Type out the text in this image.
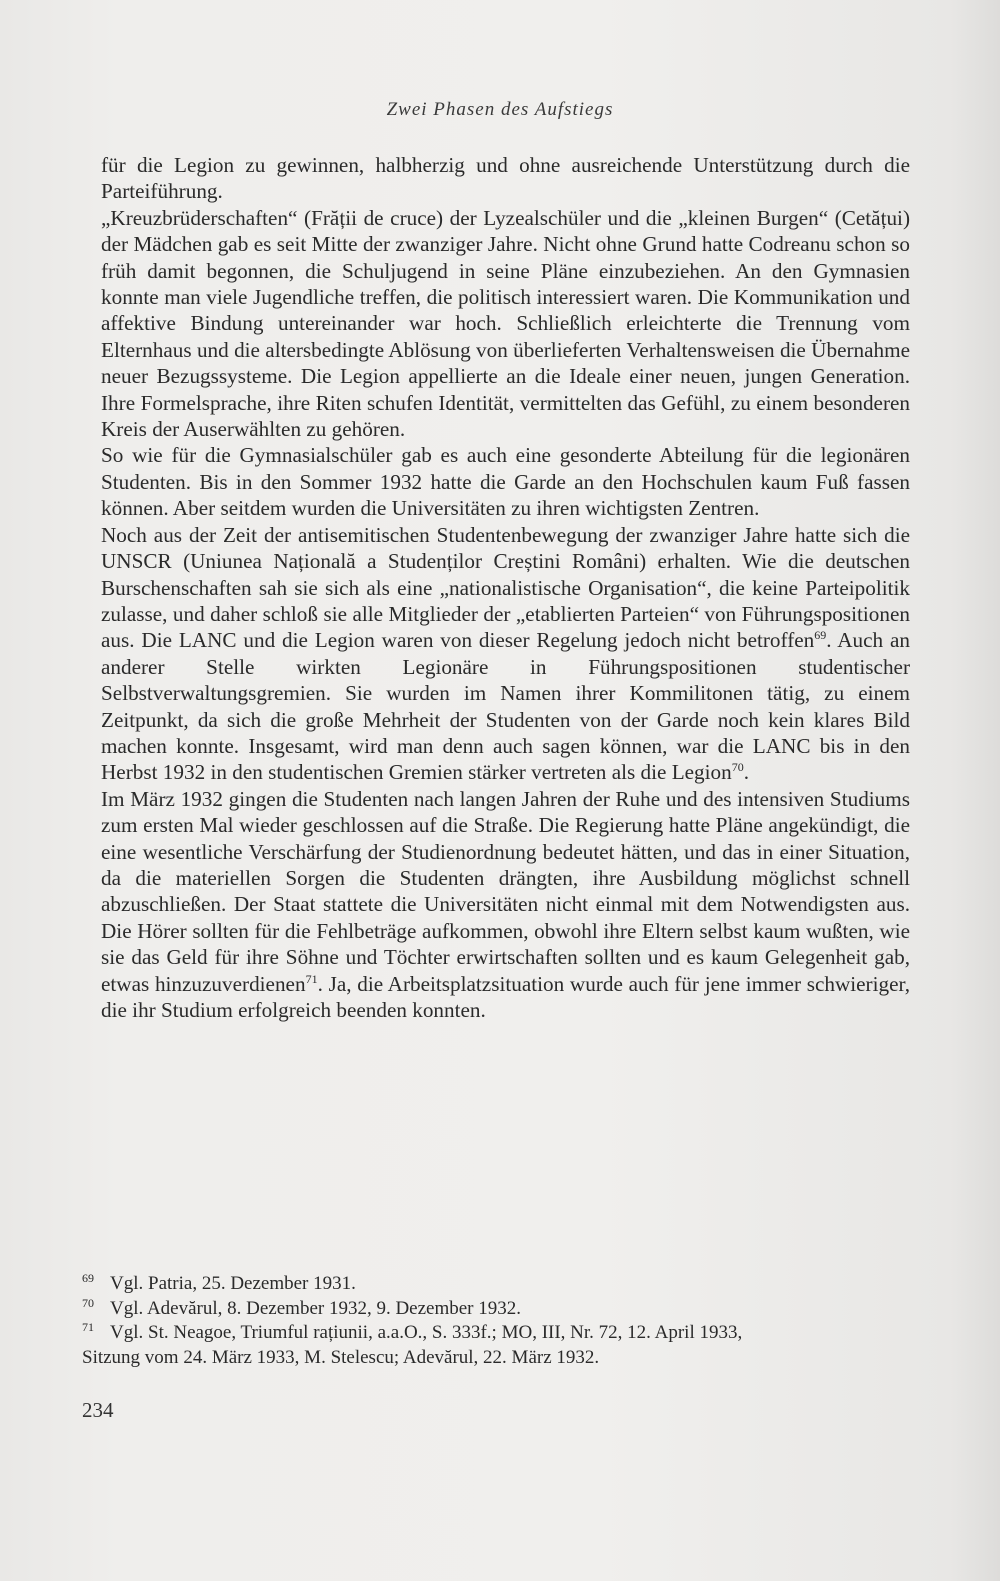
Zwei Phasen des Aufstiegs

für die Legion zu gewinnen, halbherzig und ohne ausreichende Unterstützung durch die Parteiführung.

„Kreuzbrüderschaften“ (Frății de cruce) der Lyzealschüler und die „kleinen Burgen“ (Cetățui) der Mädchen gab es seit Mitte der zwanziger Jahre. Nicht ohne Grund hatte Codreanu schon so früh damit begonnen, die Schuljugend in seine Pläne einzubeziehen. An den Gymnasien konnte man viele Jugendliche treffen, die politisch interessiert waren. Die Kommunikation und affektive Bindung untereinander war hoch. Schließlich erleichterte die Trennung vom Elternhaus und die altersbedingte Ablösung von überlieferten Verhaltensweisen die Übernahme neuer Bezugssysteme. Die Legion appellierte an die Ideale einer neuen, jungen Generation. Ihre Formelsprache, ihre Riten schufen Identität, vermittelten das Gefühl, zu einem besonderen Kreis der Auserwählten zu gehören.

So wie für die Gymnasialschüler gab es auch eine gesonderte Abteilung für die legionären Studenten. Bis in den Sommer 1932 hatte die Garde an den Hochschulen kaum Fuß fassen können. Aber seitdem wurden die Universitäten zu ihren wichtigsten Zentren.

Noch aus der Zeit der antisemitischen Studentenbewegung der zwanziger Jahre hatte sich die UNSCR (Uniunea Națională a Studenților Creștini Români) erhalten. Wie die deutschen Burschenschaften sah sie sich als eine „nationalistische Organisation“, die keine Parteipolitik zulasse, und daher schloß sie alle Mitglieder der „etablierten Parteien“ von Führungspositionen aus. Die LANC und die Legion waren von dieser Regelung jedoch nicht betroffen$^{69}$. Auch an anderer Stelle wirkten Legionäre in Führungspositionen studentischer Selbstverwaltungsgremien. Sie wurden im Namen ihrer Kommilitonen tätig, zu einem Zeitpunkt, da sich die große Mehrheit der Studenten von der Garde noch kein klares Bild machen konnte. Insgesamt, wird man denn auch sagen können, war die LANC bis in den Herbst 1932 in den studentischen Gremien stärker vertreten als die Legion$^{70}$.

Im März 1932 gingen die Studenten nach langen Jahren der Ruhe und des intensiven Studiums zum ersten Mal wieder geschlossen auf die Straße. Die Regierung hatte Pläne angekündigt, die eine wesentliche Verschärfung der Studienordnung bedeutet hätten, und das in einer Situation, da die materiellen Sorgen die Studenten drängten, ihre Ausbildung möglichst schnell abzuschließen. Der Staat stattete die Universitäten nicht einmal mit dem Notwendigsten aus. Die Hörer sollten für die Fehlbeträge aufkommen, obwohl ihre Eltern selbst kaum wußten, wie sie das Geld für ihre Söhne und Töchter erwirtschaften sollten und es kaum Gelegenheit gab, etwas hinzuzuverdienen$^{71}$. Ja, die Arbeitsplatzsituation wurde auch für jene immer schwieriger, die ihr Studium erfolgreich beenden konnten.

69 Vgl. Patria, 25. Dezember 1931.
70 Vgl. Adevărul, 8. Dezember 1932, 9. Dezember 1932.
71 Vgl. St. Neagoe, Triumful rațiunii, a.a.O., S. 333f.; MO, III, Nr. 72, 12. April 1933,

Sitzung vom 24. März 1933, M. Stelescu; Adevărul, 22. März 1932.

234
